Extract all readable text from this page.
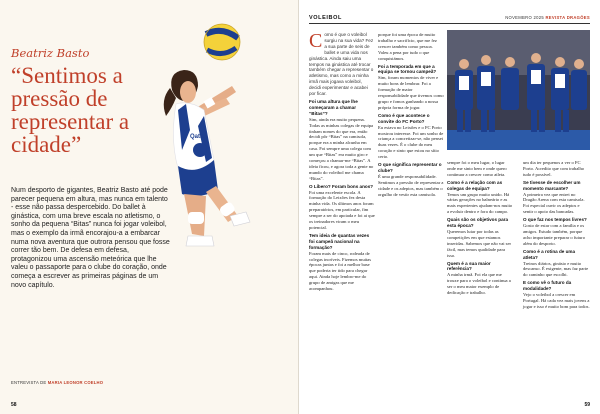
Qatar
Beatriz Basto
“Sentimos a pressão de representar a cidade”
Num desporto de gigantes, Beatriz Basto até pode parecer pequena em altura, mas nunca em talento - esse não passa despercebido. Do ballet à ginástica, com uma breve escala no atletismo, o sonho da pequena “Bitas” nunca foi jogar voleibol, mas o exemplo da irmã encorajou-a a embarcar numa nova aventura que outrora pensou que fosse correr tão bem. De defesa em defesa, protagonizou uma ascensão meteórica que lhe valeu o passaporte para o clube do coração, onde começa a escrever as primeiras páginas de um novo capítulo.
ENTREVISTA DE MARIA LEONOR COELHO
58
VOLEIBOL	NOVEMBRO 2025 REVISTA DRAGÕES

C omo é que o voleibol surgiu na sua vida? Fez a sua parte de seis de ballet e uma vida nos ginástica. Ainda saiu uma tempos na ginástica até trocar também chegar a representar o atletismo, mas como a minha irmã mais jogava voleibol, decidi experimentar e acabei por ficar.

Foi uma altura que lhe começaram a chamar “Bitas”?
Sim, ainda era muito pequena. Todas as minhas colegas de equipa tinham nomes do que era, então decidi pôr “Bitas” na camisola, porque era a minha alcunha em casa. Foi sempre uma colega com um que “Bitas” era muito giro e começou a chamar-me “Bitas”. A ideia ficou, e agora toda a gente no mundo do voleibol me chama “Bitas”.

O Líbero? Foram bons anos?
Foi uma excelente escola. A formação do Leixões fez desta minha vida. Os últimos anos foram preparatórios, em particular, fim sempre a ser do apoiada e foi ai que os treinadores viram o meu potencial.

Tem ideia de quantas vezes foi campeã nacional na formação?
Foram mais de cinco, rodeada de colegas incríveis. Fizemos muitas épocas juntas e foi a melhor base que poderia ter tido para chegar aqui. Ainda hoje lembro-me do grupo de amigas que me acompanhou.

porque foi uma época de muito trabalho e sacrifício, que me fez crescer também como pessoa. Valeu a pena por tudo o que conquistámos.

Foi a temporada em que a equipa se tornou campeã?
Sim, foram momentos de viver e muito bons de lembrar. Foi a formação de maior responsabilidade que tivemos como grupo e fomos ganhando a nossa própria forma de jogar.

Como é que acontece o convite do FC Porto?
Eu estava no Leixões e o FC Porto mostrou interesse. Foi um sonho de criança a concretizar-se, não pensei duas vezes. É o clube do meu coração e sinto que estou no sítio certo.

O que significa representar o clube?
É uma grande responsabilidade. Sentimos a pressão de representar a cidade e os adeptos, mas também o orgulho de vestir esta camisola.

sempre foi o meu lugar, o lugar onde me sinto bem e onde quero continuar a crescer como atleta.

Como é a relação com as colegas de equipa?
Temos um grupo muito unido. Há várias gerações no balneário e as mais experientes ajudam-nos muito a evoluir dentro e fora do campo.

Quais são os objetivos para esta época?
Queremos lutar por todas as competições em que estamos inseridas. Sabemos que não vai ser fácil, mas temos qualidade para isso.

Quem é a sua maior referência?
A minha irmã. Foi ela que me trouxe para o voleibol e continua a ser o meu maior exemplo de dedicação e trabalho.

um dia ter pequenos a ver o FC Porto. Acredito que com trabalho tudo é possível.

Se tivesse de escolher um momento marcante?
A primeira vez que entrei no Dragão Arena com esta camisola. Foi especial ouvir os adeptos e sentir o apoio das bancadas.

O que faz nos tempos livres?
Gosto de estar com a família e os amigos. Estudo também, porque acho importante preparar o futuro além do desporto.

Como é a rotina de uma atleta?
Treinos diários, ginásio e muito descanso. É exigente, mas faz parte do caminho que escolhi.

E como vê o futuro da modalidade?
Vejo o voleibol a crescer em Portugal. Há cada vez mais jovens a jogar e isso é muito bom para todos.

59
